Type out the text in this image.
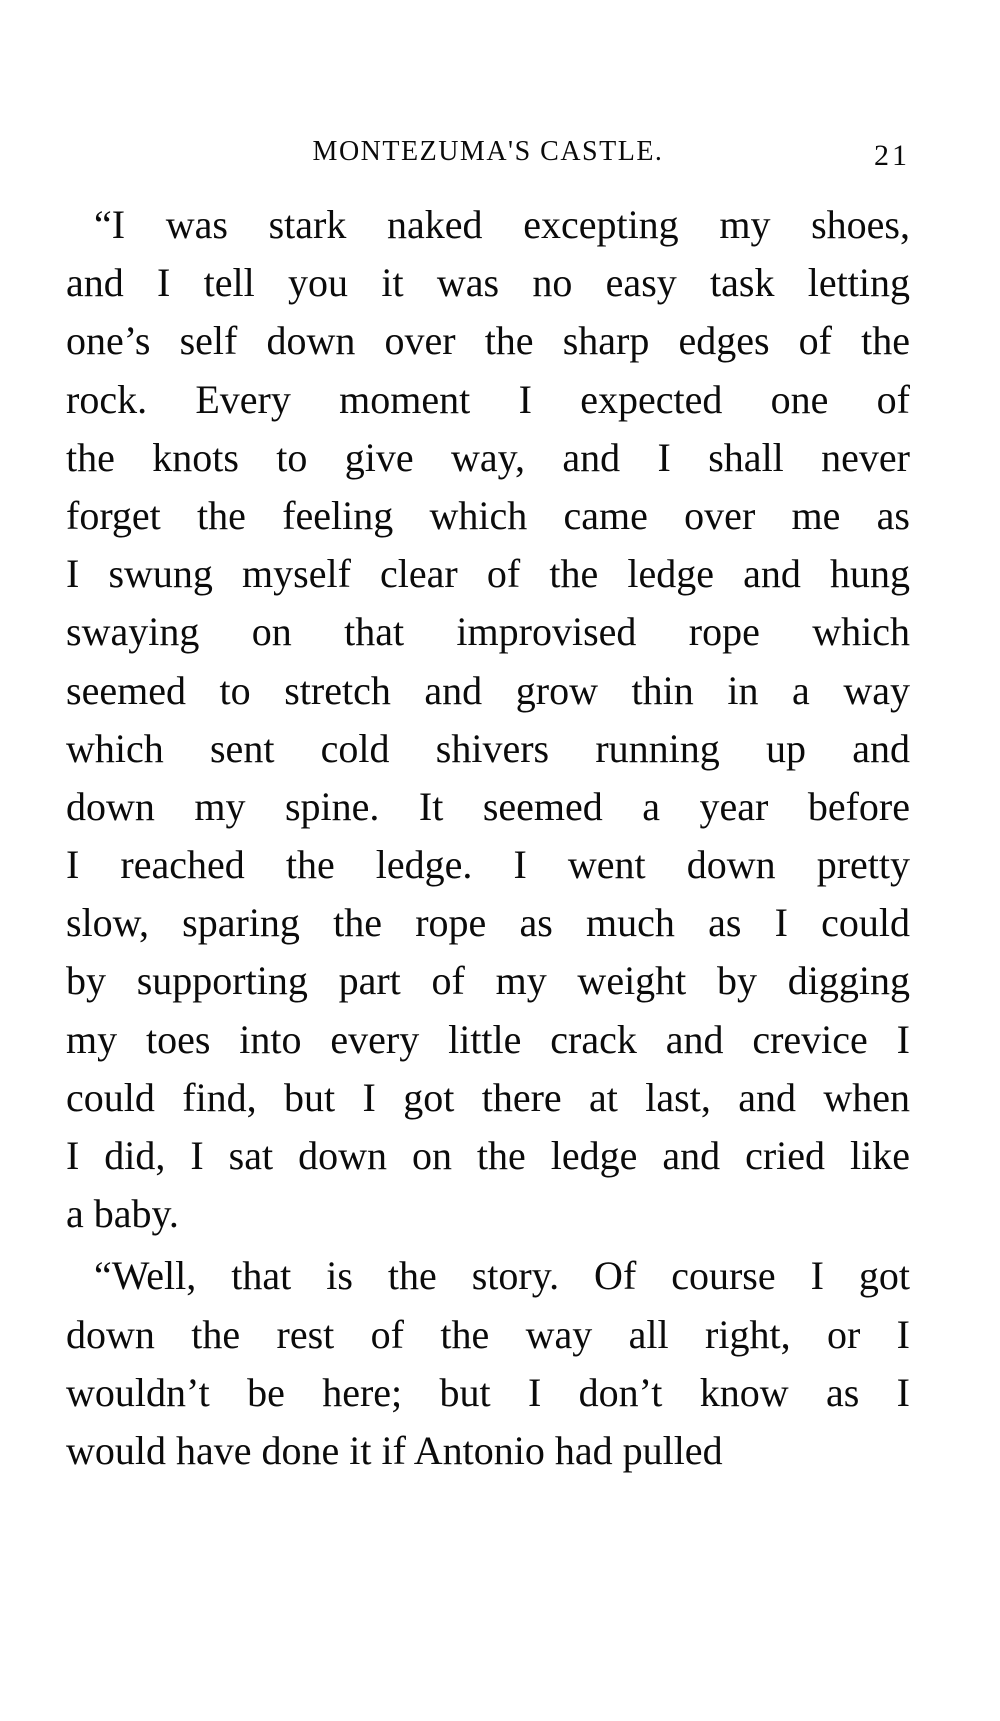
MONTEZUMA'S CASTLE.	21
“I was stark naked excepting my shoes,
and I tell you it was no easy task letting
one’s self down over the sharp edges of the
rock. Every moment I expected one of
the knots to give way, and I shall never
forget the feeling which came over me as
I swung myself clear of the ledge and hung
swaying on that improvised rope which
seemed to stretch and grow thin in a way
which sent cold shivers running up and
down my spine. It seemed a year before
I reached the ledge. I went down pretty
slow, sparing the rope as much as I could
by supporting part of my weight by digging
my toes into every little crack and crevice I
could find, but I got there at last, and when
I did, I sat down on the ledge and cried like
a baby.
“Well, that is the story. Of course I got
down the rest of the way all right, or I
wouldn’t be here; but I don’t know as I
would have done it if Antonio had pulled
